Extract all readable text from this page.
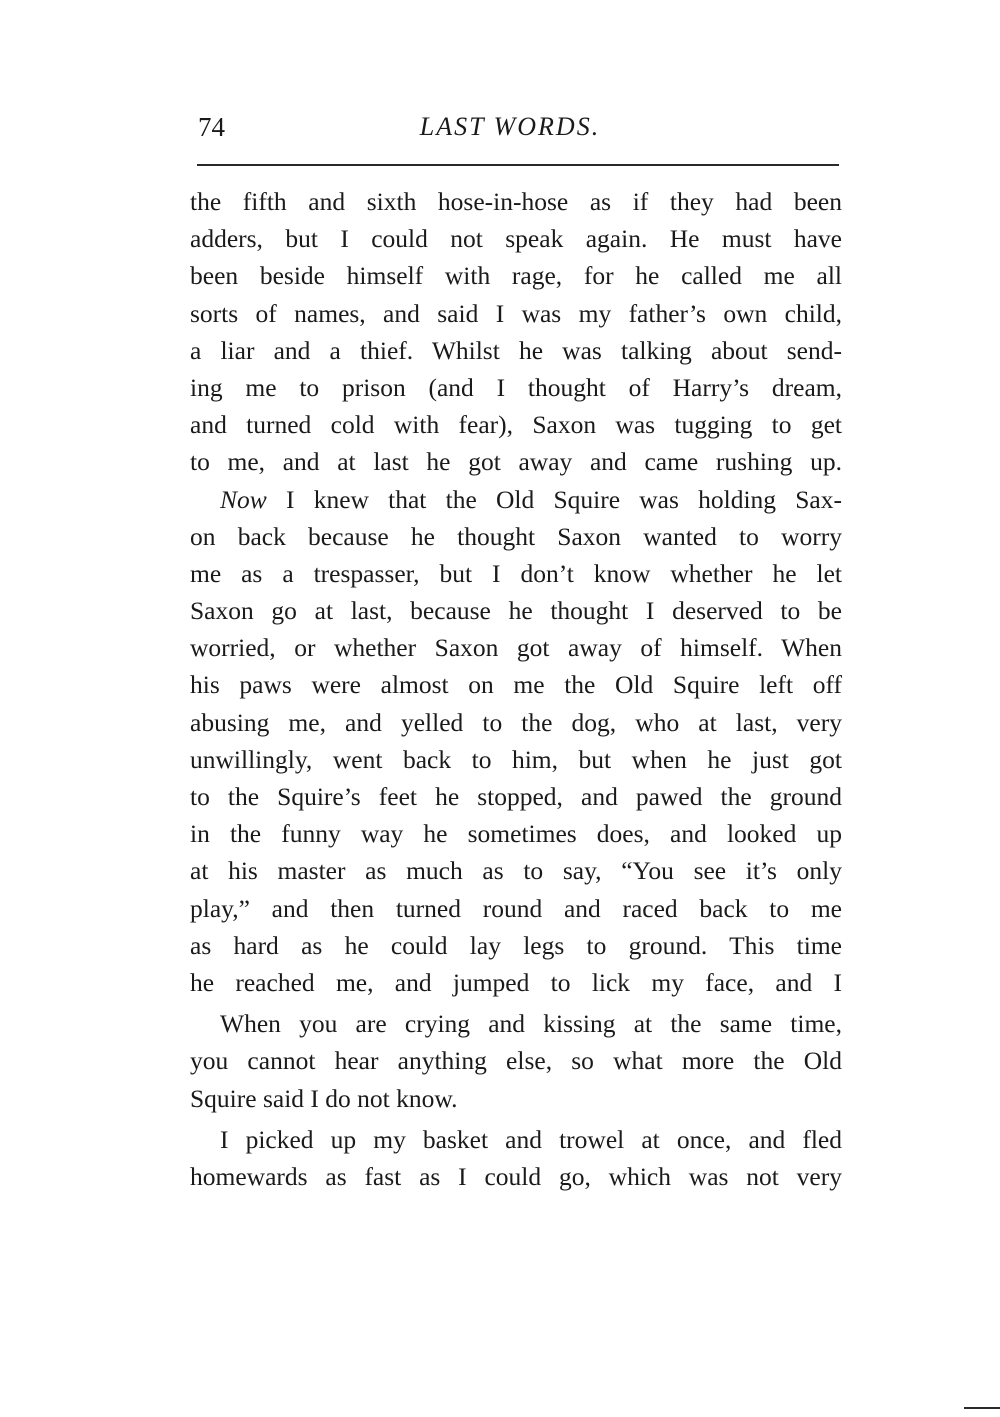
LAST WORDS.
74
the fifth and sixth hose-in-hose as if they had been
adders, but I could not speak again. He must have
been beside himself with rage, for he called me all
sorts of names, and said I was my father’s own child,
a liar and a thief. Whilst he was talking about send-
ing me to prison (and I thought of Harry’s dream,
and turned cold with fear), Saxon was tugging to get
to me, and at last he got away and came rushing up.
Now I knew that the Old Squire was holding Sax-
on back because he thought Saxon wanted to worry
me as a trespasser, but I don’t know whether he let
Saxon go at last, because he thought I deserved to be
worried, or whether Saxon got away of himself. When
his paws were almost on me the Old Squire left off
abusing me, and yelled to the dog, who at last, very
unwillingly, went back to him, but when he just got
to the Squire’s feet he stopped, and pawed the ground
in the funny way he sometimes does, and looked up
at his master as much as to say, “You see it’s only
play,” and then turned round and raced back to me
as hard as he could lay legs to ground. This time
he reached me, and jumped to lick my face, and I
When you are crying and kissing at the same time,
you cannot hear anything else, so what more the Old
Squire said I do not know.
I picked up my basket and trowel at once, and fled
homewards as fast as I could go, which was not very
